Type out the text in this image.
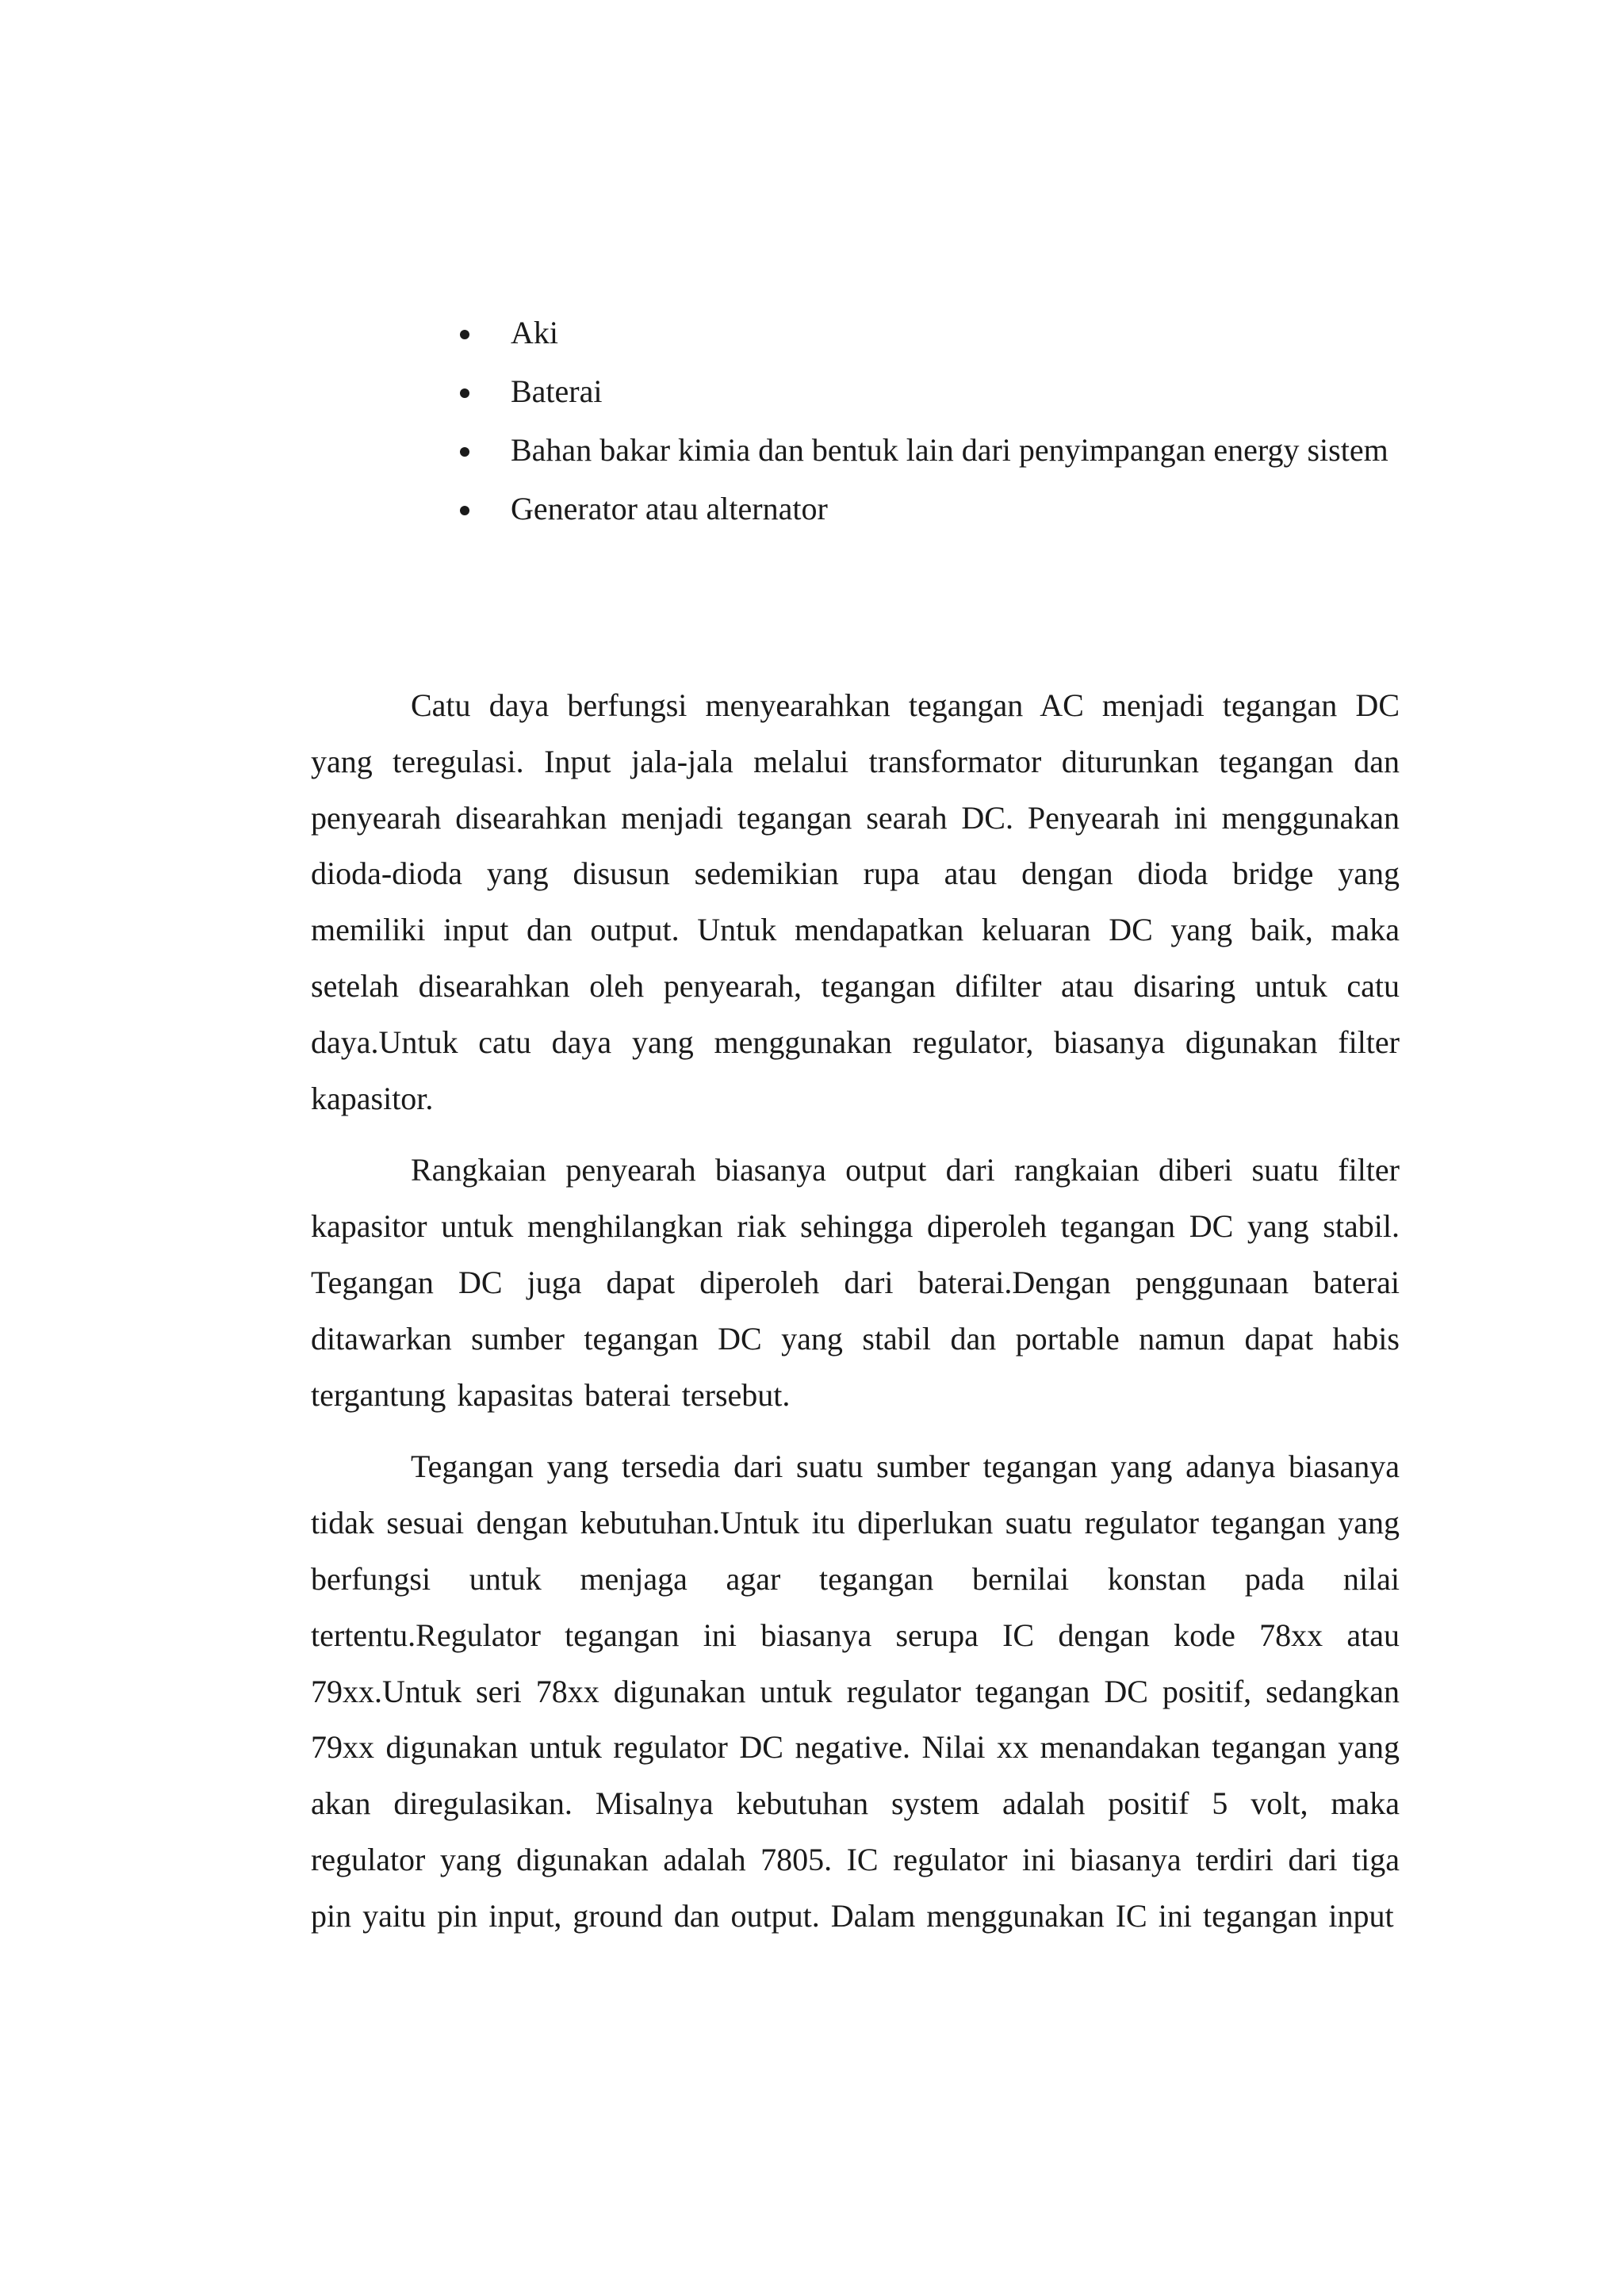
Aki
Baterai
Bahan bakar kimia dan bentuk lain dari penyimpangan energy sistem
Generator atau alternator

Catu daya berfungsi menyearahkan tegangan AC menjadi tegangan DC yang teregulasi. Input jala-jala melalui transformator diturunkan tegangan dan penyearah disearahkan menjadi tegangan searah DC. Penyearah ini menggunakan dioda-dioda yang disusun sedemikian rupa atau dengan dioda bridge yang memiliki input dan output. Untuk mendapatkan keluaran DC yang baik, maka setelah disearahkan oleh penyearah, tegangan difilter atau disaring untuk catu daya.Untuk catu daya yang menggunakan regulator, biasanya digunakan filter kapasitor.

Rangkaian penyearah biasanya output dari rangkaian diberi suatu filter kapasitor untuk menghilangkan riak sehingga diperoleh tegangan DC yang stabil. Tegangan DC juga dapat diperoleh dari baterai.Dengan penggunaan baterai ditawarkan sumber tegangan DC yang stabil dan portable namun dapat habis tergantung kapasitas baterai tersebut.

Tegangan yang tersedia dari suatu sumber tegangan yang adanya biasanya tidak sesuai dengan kebutuhan.Untuk itu diperlukan suatu regulator tegangan yang berfungsi untuk menjaga agar tegangan bernilai konstan pada nilai tertentu.Regulator tegangan ini biasanya serupa IC dengan kode 78xx atau 79xx.Untuk seri 78xx digunakan untuk regulator tegangan DC positif, sedangkan 79xx digunakan untuk regulator DC negative. Nilai xx menandakan tegangan yang akan diregulasikan. Misalnya kebutuhan system adalah positif 5 volt, maka regulator yang digunakan adalah 7805. IC regulator ini biasanya terdiri dari tiga pin yaitu pin input, ground dan output. Dalam menggunakan IC ini tegangan input
